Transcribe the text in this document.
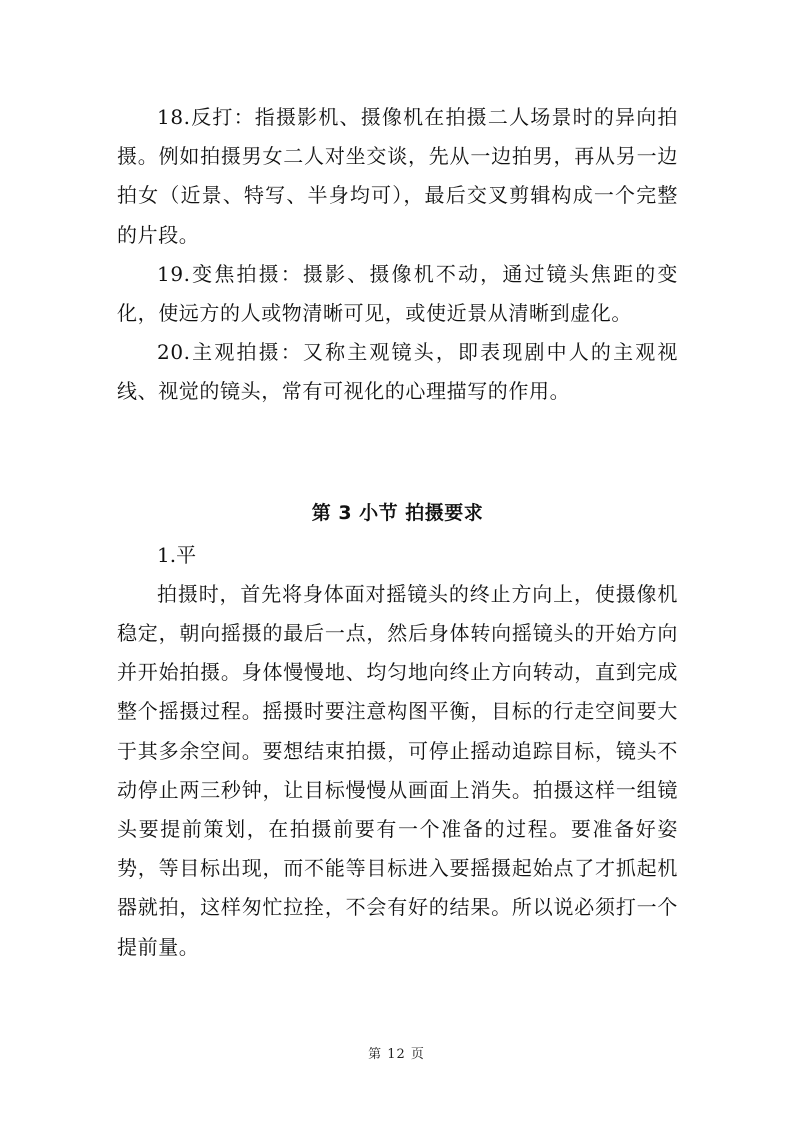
18.反打：指摄影机、摄像机在拍摄二人场景时的异向拍摄。例如拍摄男女二人对坐交谈，先从一边拍男，再从另一边拍女（近景、特写、半身均可），最后交叉剪辑构成一个完整的片段。

19.变焦拍摄：摄影、摄像机不动，通过镜头焦距的变化，使远方的人或物清晰可见，或使近景从清晰到虚化。

20.主观拍摄：又称主观镜头，即表现剧中人的主观视线、视觉的镜头，常有可视化的心理描写的作用。

第 3 小节 拍摄要求

1.平

拍摄时，首先将身体面对摇镜头的终止方向上，使摄像机稳定，朝向摇摄的最后一点，然后身体转向摇镜头的开始方向并开始拍摄。身体慢慢地、均匀地向终止方向转动，直到完成整个摇摄过程。摇摄时要注意构图平衡，目标的行走空间要大于其多余空间。要想结束拍摄，可停止摇动追踪目标，镜头不动停止两三秒钟，让目标慢慢从画面上消失。拍摄这样一组镜头要提前策划，在拍摄前要有一个准备的过程。要准备好姿势，等目标出现，而不能等目标进入要摇摄起始点了才抓起机器就拍，这样匆忙拉拴，不会有好的结果。所以说必须打一个提前量。

第 12 页
